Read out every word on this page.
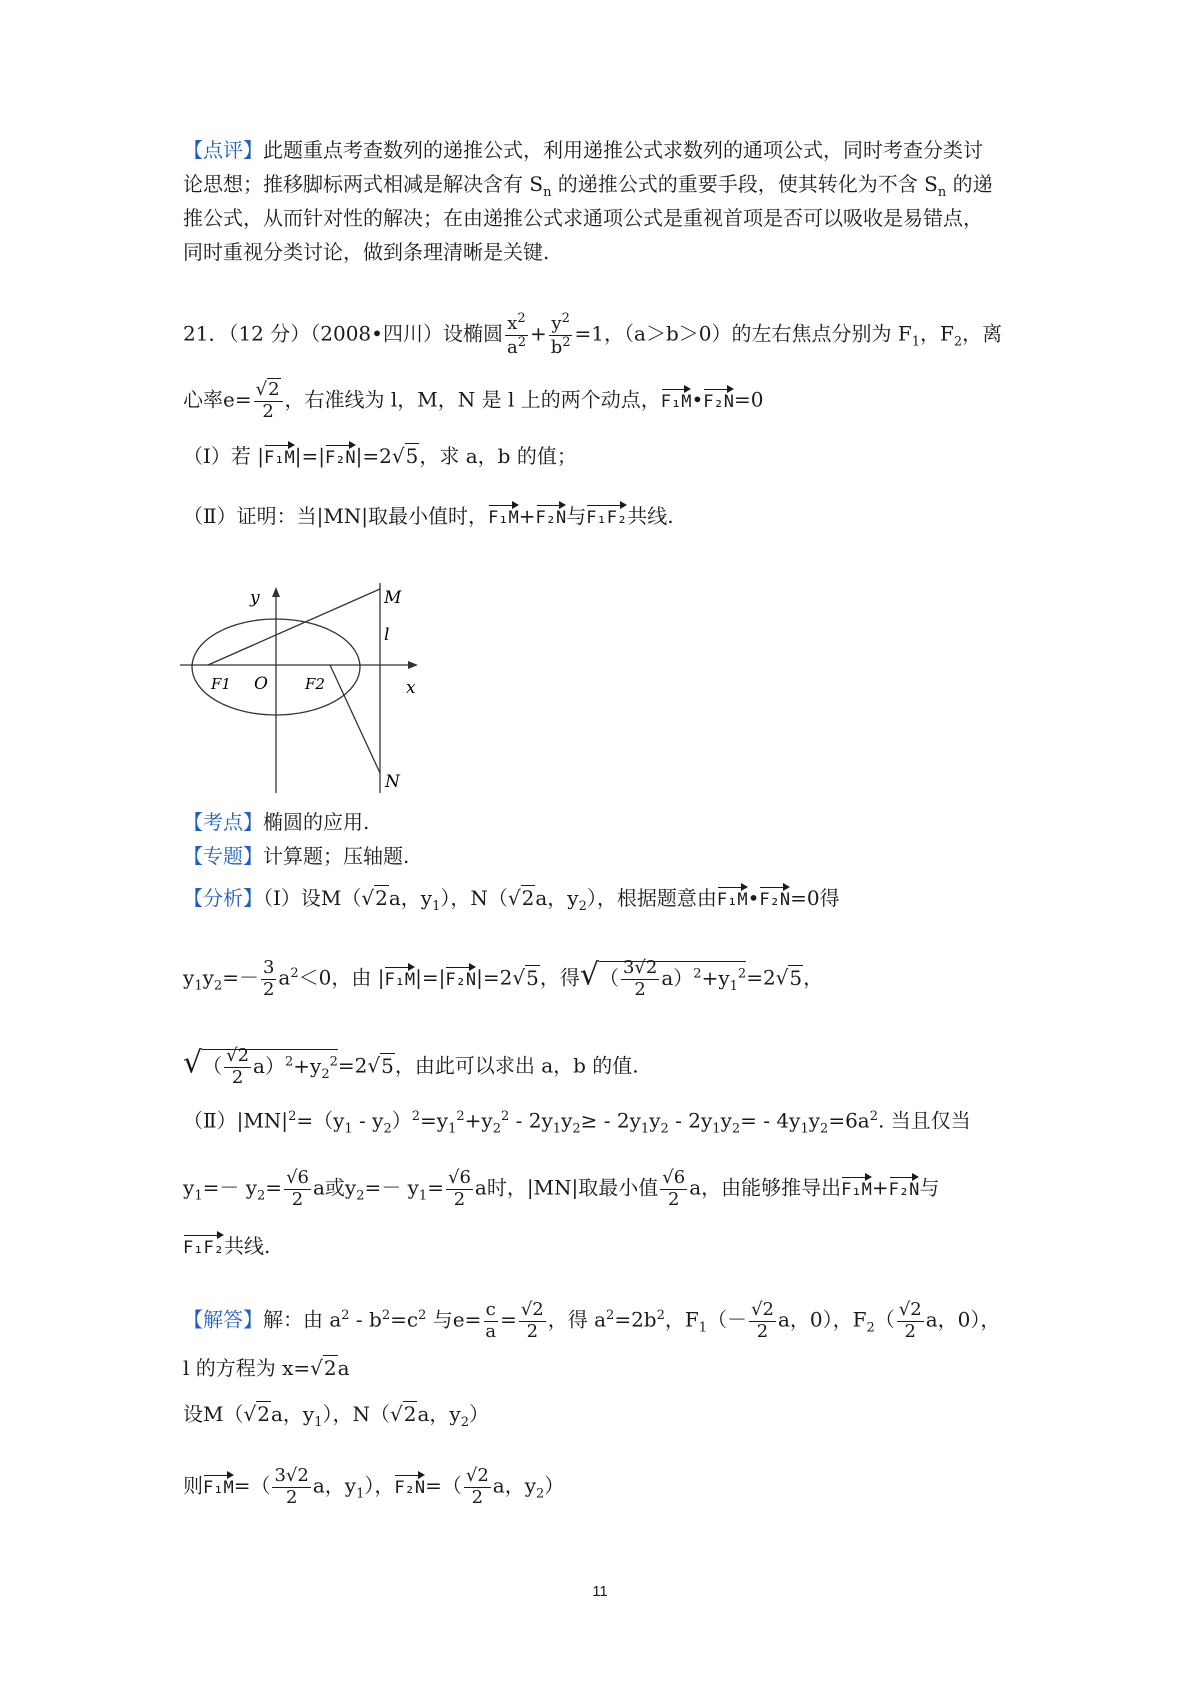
【点评】此题重点考查数列的递推公式，利用递推公式求数列的通项公式，同时考查分类讨
论思想；推移脚标两式相减是解决含有 $S_n$ 的递推公式的重要手段，使其转化为不含 $S_n$ 的递
推公式，从而针对性的解决；在由递推公式求通项公式是重视首项是否可以吸收是易错点，
同时重视分类讨论，做到条理清晰是关键.
21．（12 分）（2008•四川）设椭圆 $\frac{x^2}{a^2} + \frac{y^2}{b^2} =1$，（a＞b＞0）的左右焦点分别为 $F_1$，$F_2$，离
心率$e= \frac{√2}{2}$ ，右准线为 l，M，N 是 l 上的两个动点，F₁M•F₂N=0
（Ⅰ）若 |F₁M|=|F₂N|=2√5，求 a，b 的值；
（Ⅱ）证明：当|MN|取最小值时，F₁M+F₂N与F₁F₂共线.
y
x
O
F1	F2
M
N
l
【考点】椭圆的应用.
【专题】计算题；压轴题.
【分析】（Ⅰ）设M（√2a，$y_1$），N（√2a，$y_2$），根据题意由F₁M•F₂N=0得
$y_1y_2=- \frac{3}{2} a^2<0$，由 |F₁M|=|F₂N|=2√5，得√（ $\frac{3√2}{2} a)^2+y_1^2=2√5$，
√（ $\frac{√2}{2} a)^2+y_2^2=2√5$，由此可以求出 a，b 的值.
$(Ⅱ)|MN|^2=(y_1 - y_2)^2=y_1^2+y_2^2 - 2y_1y_2\ge - 2y_1y_2 - 2y_1y_2= - 4y_1y_2=6a^2$. 当且仅当
$y_1=- y_2= \frac{√6}{2}$ a或$y_2=- y_1= \frac{√6}{2}$ a时，|MN|取最小值 $\frac{√6}{2}$ a，由能够推导出F₁M+F₂N与
F₁F₂共线.
【解答】解：由 $a^2 - b^2=c^2$ 与$e= \frac{c}{a} = \frac{√2}{2}$ ，得 $a^2=2b^2$，$F_1(- \frac{√2}{2}$ a，0），$F_2( \frac{√2}{2}$ a，0），
l 的方程为 x=√2a
设M（√2a，$y_1$），N（√2a，$y_2$）
则$F_1M=( \frac{3√2}{2}$ a，$y_1$），$F_2N=( \frac{√2}{2}$ a，$y_2$）
11
